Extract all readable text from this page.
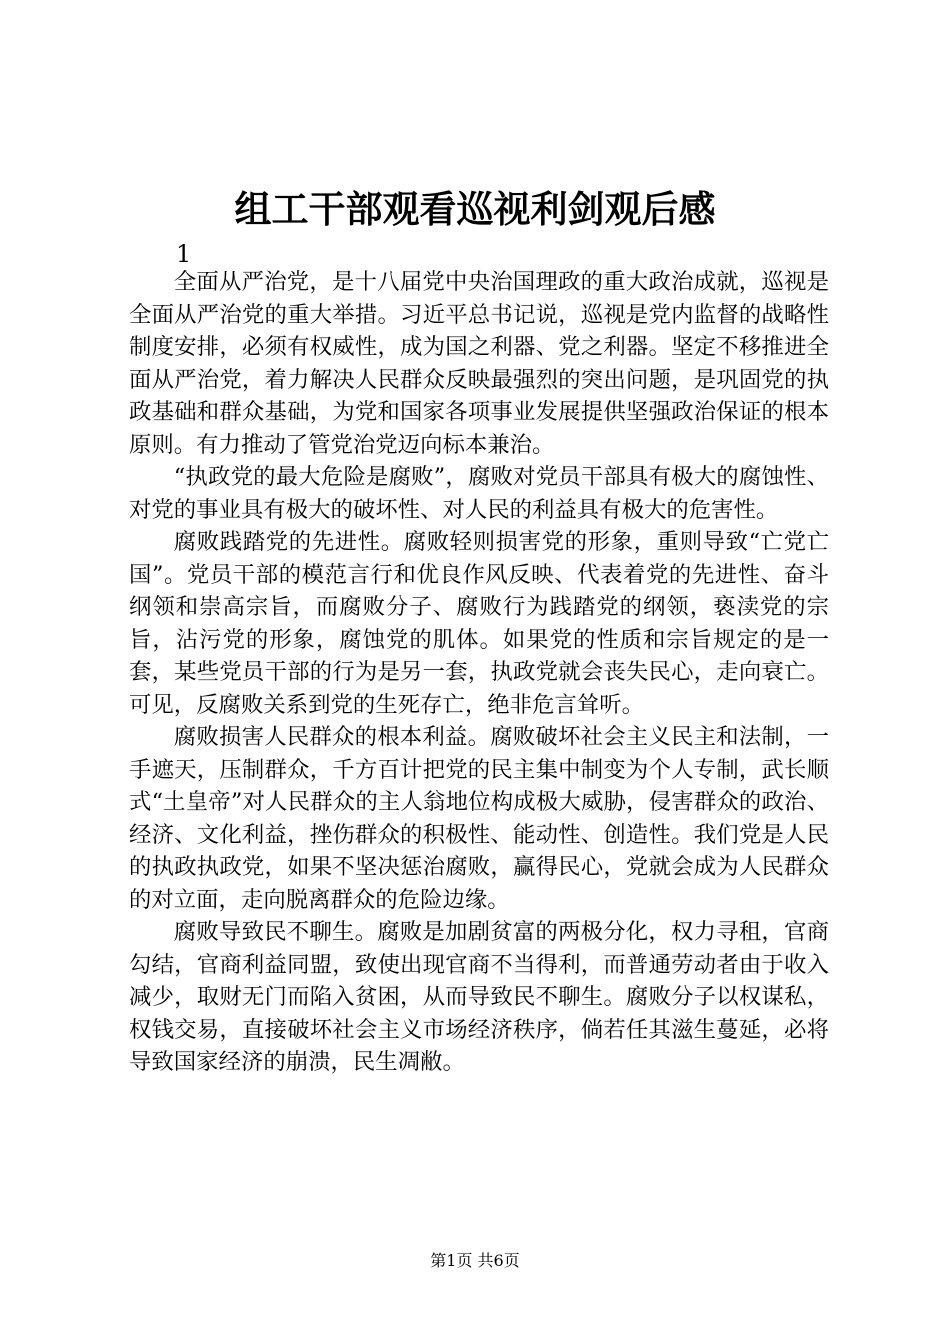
组工干部观看巡视利剑观后感
1

全面从严治党，是十八届党中央治国理政的重大政治成就，巡视是全面从严治党的重大举措。习近平总书记说，巡视是党内监督的战略性制度安排，必须有权威性，成为国之利器、党之利器。坚定不移推进全面从严治党，着力解决人民群众反映最强烈的突出问题，是巩固党的执政基础和群众基础，为党和国家各项事业发展提供坚强政治保证的根本原则。有力推动了管党治党迈向标本兼治。

“执政党的最大危险是腐败”，腐败对党员干部具有极大的腐蚀性、对党的事业具有极大的破坏性、对人民的利益具有极大的危害性。

腐败践踏党的先进性。腐败轻则损害党的形象，重则导致“亡党亡国”。党员干部的模范言行和优良作风反映、代表着党的先进性、奋斗纲领和崇高宗旨，而腐败分子、腐败行为践踏党的纲领，亵渎党的宗旨，沾污党的形象，腐蚀党的肌体。如果党的性质和宗旨规定的是一套，某些党员干部的行为是另一套，执政党就会丧失民心，走向衰亡。可见，反腐败关系到党的生死存亡，绝非危言耸听。

腐败损害人民群众的根本利益。腐败破坏社会主义民主和法制，一手遮天，压制群众，千方百计把党的民主集中制变为个人专制，武长顺式“土皇帝”对人民群众的主人翁地位构成极大威胁，侵害群众的政治、经济、文化利益，挫伤群众的积极性、能动性、创造性。我们党是人民的执政执政党，如果不坚决惩治腐败，赢得民心，党就会成为人民群众的对立面，走向脱离群众的危险边缘。

腐败导致民不聊生。腐败是加剧贫富的两极分化，权力寻租，官商勾结，官商利益同盟，致使出现官商不当得利，而普通劳动者由于收入减少，取财无门而陷入贫困，从而导致民不聊生。腐败分子以权谋私，权钱交易，直接破坏社会主义市场经济秩序，倘若任其滋生蔓延，必将导致国家经济的崩溃，民生凋敝。

第1页 共6页
